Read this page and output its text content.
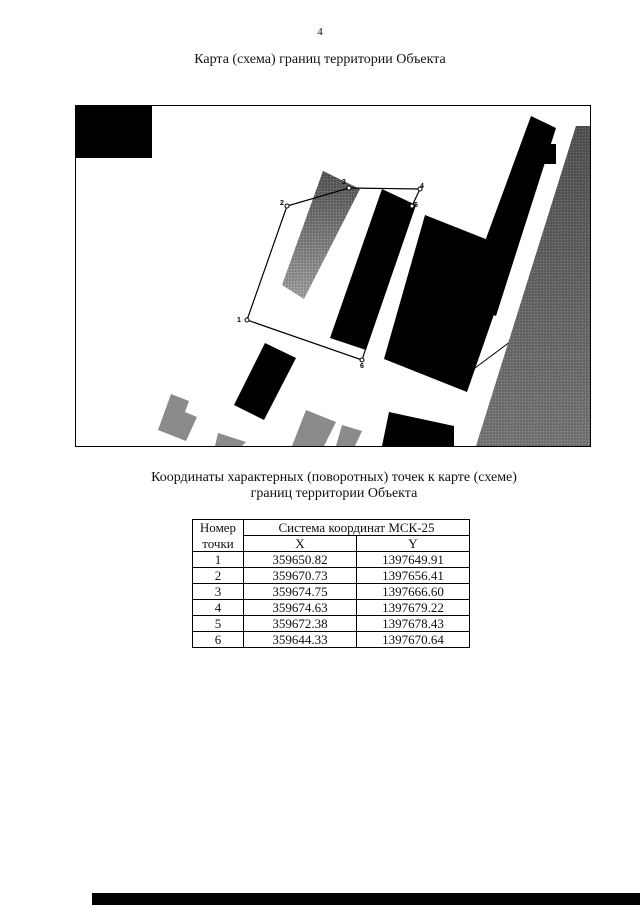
4
Карта (схема) границ территории Объекта
1
2
3
4
5
6
Координаты характерных (поворотных) точек к карте (схеме)
границ территории Объекта
Номер	Система координат МСК-25	
точки	X	Y
1	359650.82	1397649.91
2	359670.73	1397656.41
3	359674.75	1397666.60
4	359674.63	1397679.22
5	359672.38	1397678.43
6	359644.33	1397670.64
